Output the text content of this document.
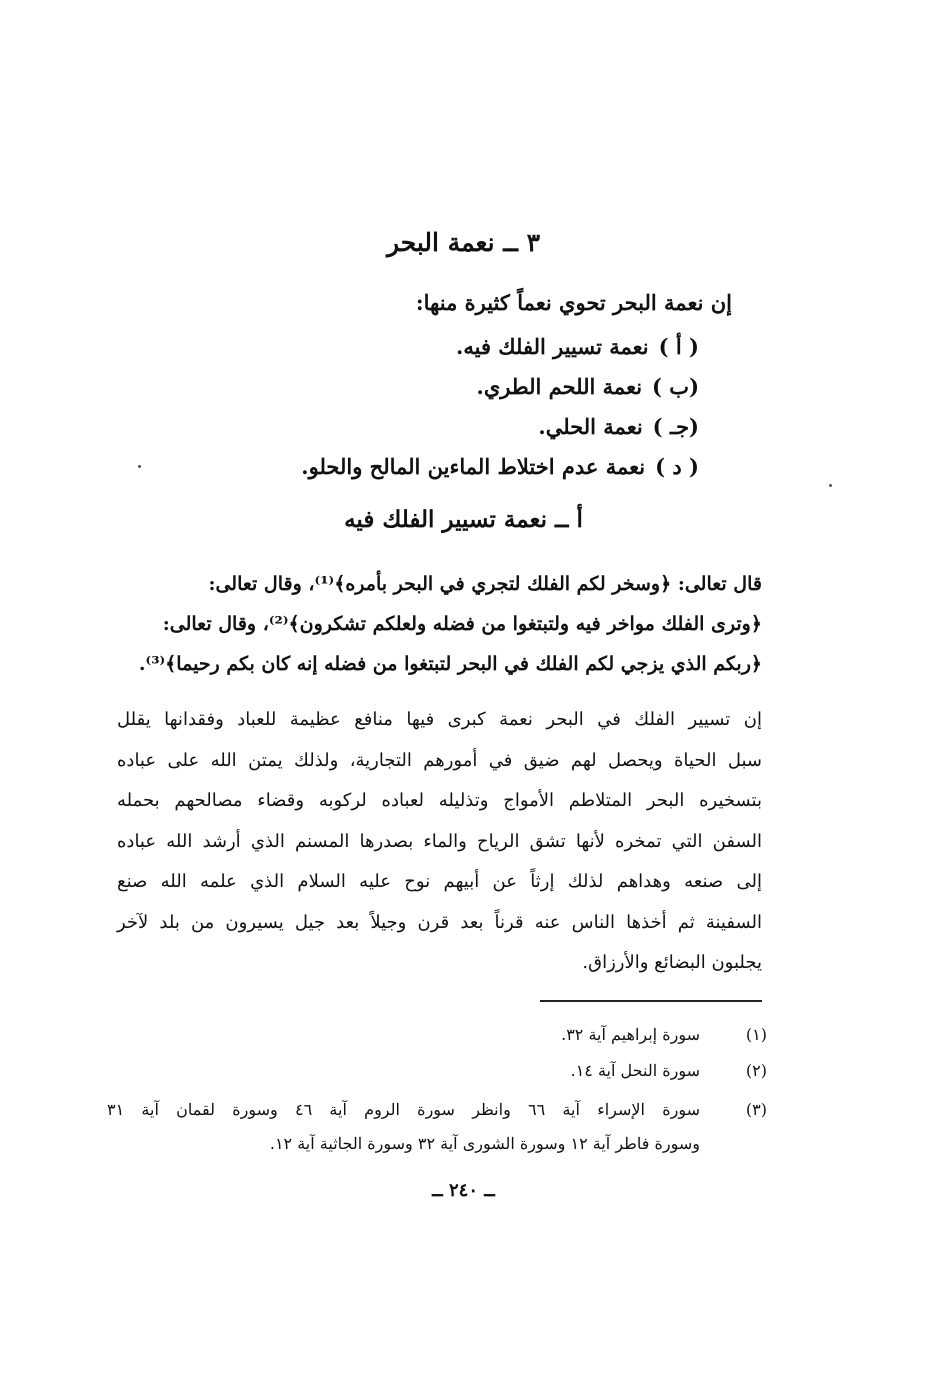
٣ ــ نعمة البحر
إن نعمة البحر تحوي نعماً كثيرة منها:
( أ )نعمة تسيير الفلك فيه.
(ب )نعمة اللحم الطري.
(جـ )نعمة الحلي.
( د )نعمة عدم اختلاط الماءين المالح والحلو.
أ ــ نعمة تسيير الفلك فيه
قال تعالى: ﴿وسخر لكم الفلك لتجري في البحر بأمره﴾⁽¹⁾، وقال تعالى:
﴿وترى الفلك مواخر فيه ولتبتغوا من فضله ولعلكم تشكرون﴾⁽²⁾، وقال تعالى:
﴿ربكم الذي يزجي لكم الفلك في البحر لتبتغوا من فضله إنه كان بكم رحيما﴾⁽³⁾.
إن تسيير الفلك في البحر نعمة كبرى فيها منافع عظيمة للعباد وفقدانها يقلل
سبل الحياة ويحصل لهم ضيق في أمورهم التجارية، ولذلك يمتن الله على عباده
بتسخيره البحر المتلاطم الأمواج وتذليله لعباده لركوبه وقضاء مصالحهم بحمله
السفن التي تمخره لأنها تشق الرياح والماء بصدرها المسنم الذي أرشد الله عباده
إلى صنعه وهداهم لذلك إرثاً عن أبيهم نوح عليه السلام الذي علمه الله صنع
السفينة ثم أخذها الناس عنه قرناً بعد قرن وجيلاً بعد جيل يسيرون من بلد لآخر
يجلبون البضائع والأرزاق.
(١)سورة إبراهيم آية ٣٢.
(٢)سورة النحل آية ١٤.
(٣)
سورة الإسراء آية ٦٦ وانظر سورة الروم آية ٤٦ وسورة لقمان آية ٣١
وسورة فاطر آية ١٢ وسورة الشورى آية ٣٢ وسورة الجاثية آية ١٢.
ــ ٢٤٠ ــ
